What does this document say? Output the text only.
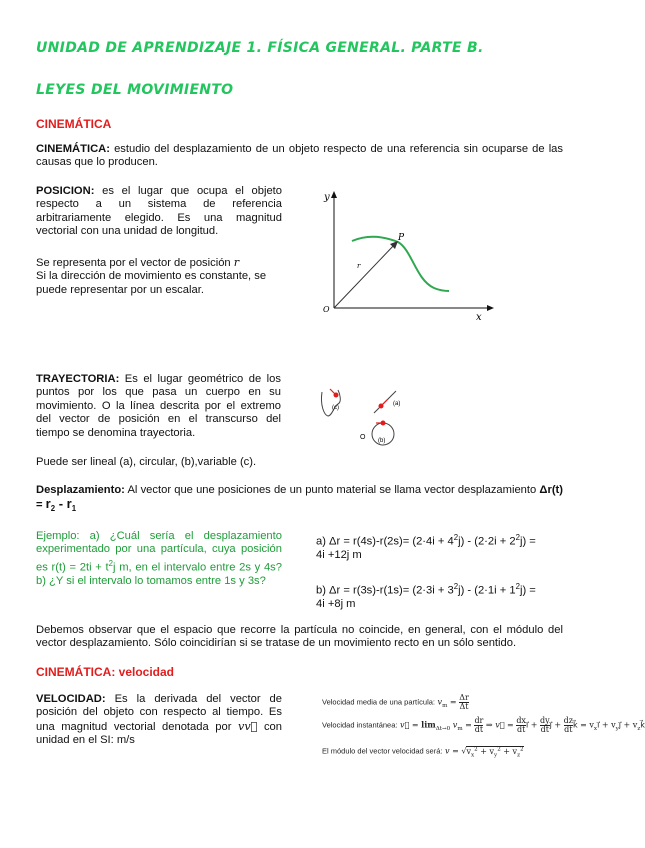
UNIDAD DE APRENDIZAJE 1. FÍSICA GENERAL. PARTE B.
LEYES DEL MOVIMIENTO
CINEMÁTICA
CINEMÁTICA: estudio del desplazamiento de un objeto respecto de una referencia sin ocuparse de las causas que lo producen.
POSICION: es el lugar que ocupa el objeto respecto a un sistema de referencia arbitrariamente elegido. Es una magnitud vectorial con una unidad de longitud.
Se representa por el vector de posición r
Si la dirección de movimiento es constante, se puede representar por un escalar.
y
x
O
P
r
TRAYECTORIA: Es el lugar geométrico de los puntos por los que pasa un cuerpo en su movimiento. O la línea descrita por el extremo del vector de posición en el transcurso del tiempo se denomina trayectoria.
Puede ser lineal (a), circular, (b),variable (c).
(c)
(a)
(b)
O
Desplazamiento: Al vector que une posiciones de un punto material se llama vector desplazamiento $\Delta r(t) = r_2 - r_1$
Ejemplo: a) ¿Cuál sería el desplazamiento experimentado por una partícula, cuya posición es $r(t) = 2ti + t^2j$ m, en el intervalo entre 2s y 4s? b) ¿Y si el intervalo lo tomamos entre 1s y 3s?
a) $\Delta r = r(4s)-r(2s)= (2\cdot 4i + 4^2j) - (2\cdot 2i + 2^2j)$ =
4i +12j m
b) $\Delta r = r(3s)-r(1s)= (2\cdot 3i + 3^2j) - (2\cdot 1i + 1^2j)$ =
4i +8j m
Debemos observar que el espacio que recorre la partícula no coincide, en general, con el módulo del vector desplazamiento. Sólo coincidirían si se tratase de un movimiento recto en un sólo sentido.
CINEMÁTICA: velocidad
VELOCIDAD: Es la derivada del vector de posición del objeto con respecto al tiempo. Es una magnitud vectorial denotada por vv⃗ con unidad en el SI: m/s
Velocidad media de una partícula: $v_m = \frac{\Delta r}{\Delta t}$
Velocidad instantánea: v⃗ = $\lim_{\Delta t\to 0} v_m = \frac{dr}{dt}$ ⇒ v⃗ = $\frac{dx}{dt}i⃗$ + $\frac{dy}{dt}j⃗$ + $\frac{dz}{dt}k⃗$ = $v_xi⃗$ + $v_yj⃗$ + $v_zk⃗$
El módulo del vector velocidad será: $v = √v_x^2 + v_y^2 + v_z^2$
